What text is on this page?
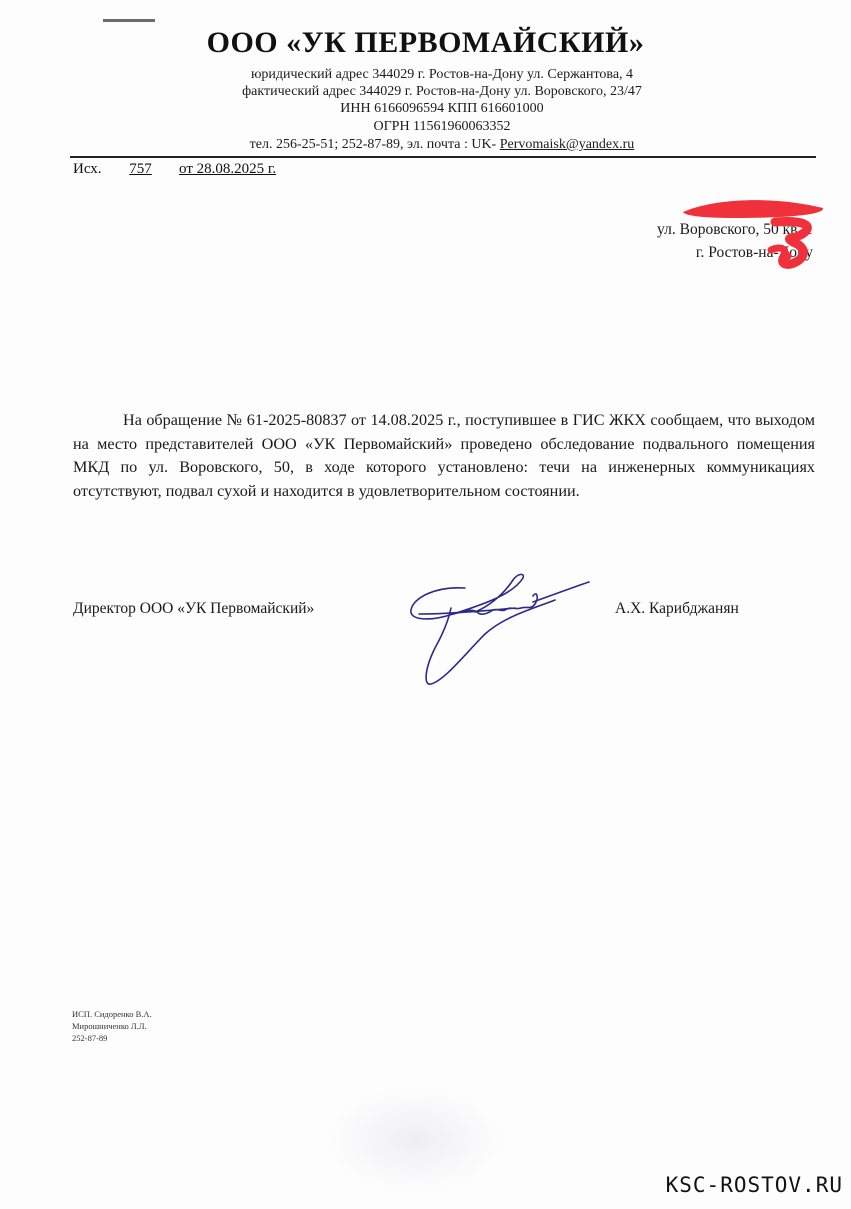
ООО «УК ПЕРВОМАЙСКИЙ»
юридический адрес 344029 г. Ростов-на-Дону ул. Сержантова, 4
фактический адрес 344029 г. Ростов-на-Дону ул. Воровского, 23/47
ИНН 6166096594 КПП 616601000
ОГРН 11561960063352
тел. 256-25-51; 252-87-89, эл. почта : UK- Pervomaisk@yandex.ru
Исх. 757 от 28.08.2025 г.
ул. Воровского, 50 кв. 1
г. Ростов-на-Дону

На обращение № 61-2025-80837 от 14.08.2025 г., поступившее в ГИС ЖКХ сообщаем, что выходом на место представителей ООО «УК Первомайский» проведено обследование подвального помещения МКД по ул. Воровского, 50, в ходе которого установлено: течи на инженерных коммуникациях отсутствуют, подвал сухой и находится в удовлетворительном состоянии.

Директор ООО «УК Первомайский»	А.Х. Карибджанян
ИСП. Сидоренко В.А.
Мирошниченко Л.Л.
252-87-89
KSC-ROSTOV.RU
